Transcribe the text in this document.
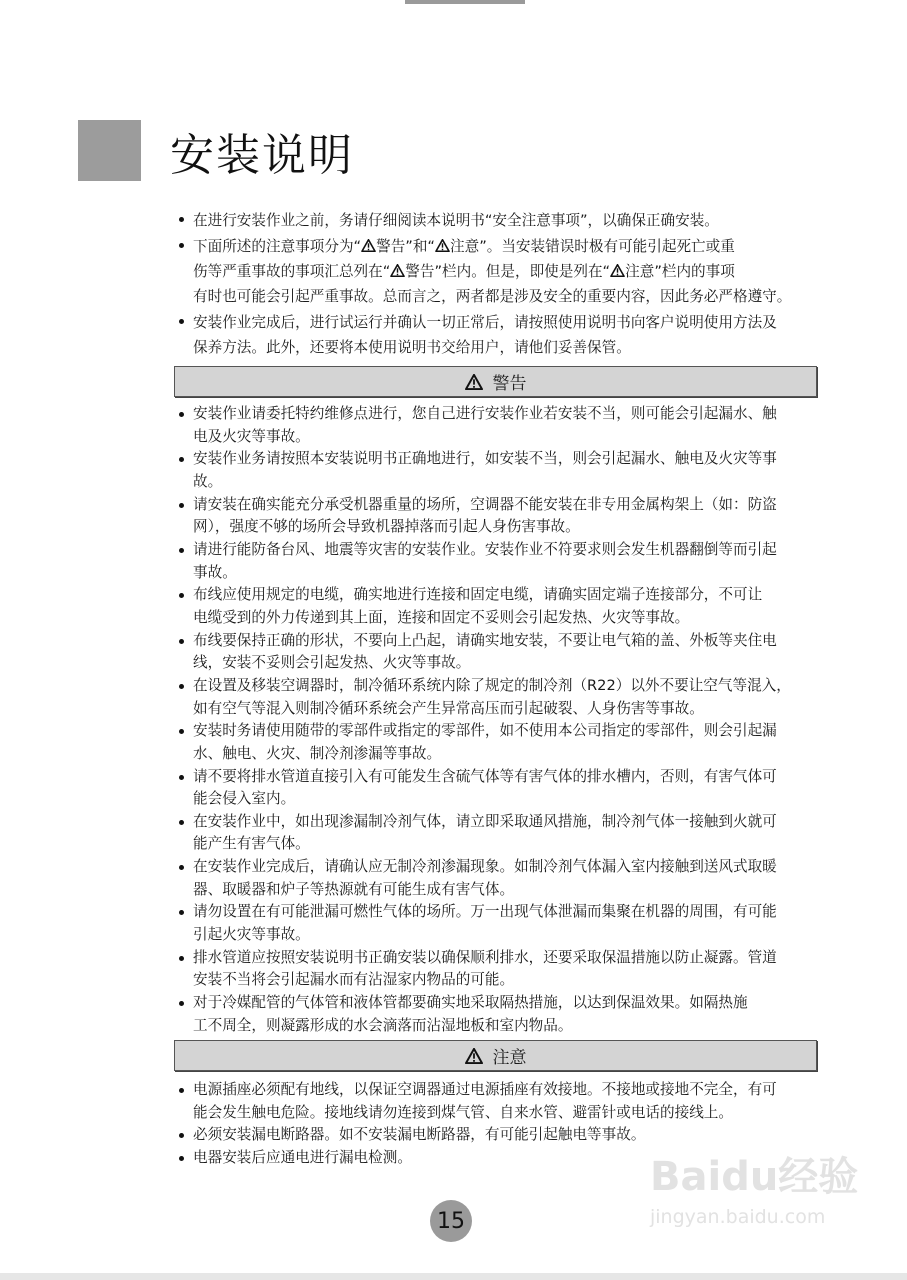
安装说明
在进行安装作业之前，务请仔细阅读本说明书“安全注意事项”，以确保正确安装。
下面所述的注意事项分为“ 警告”和“ 注意”。当安装错误时极有可能引起死亡或重
伤等严重事故的事项汇总列在“ 警告”栏内。但是，即使是列在“ 注意”栏内的事项
有时也可能会引起严重事故。总而言之，两者都是涉及安全的重要内容，因此务必严格遵守。
安装作业完成后，进行试运行并确认一切正常后，请按照使用说明书向客户说明使用方法及
保养方法。此外，还要将本使用说明书交给用户，请他们妥善保管。
警告
安装作业请委托特约维修点进行，您自己进行安装作业若安装不当，则可能会引起漏水、触
电及火灾等事故。
安装作业务请按照本安装说明书正确地进行，如安装不当，则会引起漏水、触电及火灾等事
故。
请安装在确实能充分承受机器重量的场所，空调器不能安装在非专用金属构架上（如：防盗
网），强度不够的场所会导致机器掉落而引起人身伤害事故。
请进行能防备台风、地震等灾害的安装作业。安装作业不符要求则会发生机器翻倒等而引起
事故。
布线应使用规定的电缆，确实地进行连接和固定电缆，请确实固定端子连接部分，不可让
电缆受到的外力传递到其上面，连接和固定不妥则会引起发热、火灾等事故。
布线要保持正确的形状，不要向上凸起，请确实地安装，不要让电气箱的盖、外板等夹住电
线，安装不妥则会引起发热、火灾等事故。
在设置及移装空调器时，制冷循环系统内除了规定的制冷剂（R22）以外不要让空气等混入，
如有空气等混入则制冷循环系统会产生异常高压而引起破裂、人身伤害等事故。
安装时务请使用随带的零部件或指定的零部件，如不使用本公司指定的零部件，则会引起漏
水、触电、火灾、制冷剂渗漏等事故。
请不要将排水管道直接引入有可能发生含硫气体等有害气体的排水槽内，否则，有害气体可
能会侵入室内。
在安装作业中，如出现渗漏制冷剂气体，请立即采取通风措施，制冷剂气体一接触到火就可
能产生有害气体。
在安装作业完成后，请确认应无制冷剂渗漏现象。如制冷剂气体漏入室内接触到送风式取暖
器、取暖器和炉子等热源就有可能生成有害气体。
请勿设置在有可能泄漏可燃性气体的场所。万一出现气体泄漏而集聚在机器的周围，有可能
引起火灾等事故。
排水管道应按照安装说明书正确安装以确保顺利排水，还要采取保温措施以防止凝露。管道
安装不当将会引起漏水而有沾湿家内物品的可能。
对于冷媒配管的气体管和液体管都要确实地采取隔热措施，以达到保温效果。如隔热施
工不周全，则凝露形成的水会滴落而沾湿地板和室内物品。
注意
电源插座必须配有地线，以保证空调器通过电源插座有效接地。不接地或接地不完全，有可
能会发生触电危险。接地线请勿连接到煤气管、自来水管、避雷针或电话的接线上。
必须安装漏电断路器。如不安装漏电断路器，有可能引起触电等事故。
电器安装后应通电进行漏电检测。	Baidu经验
jingyan.baidu.com
15
